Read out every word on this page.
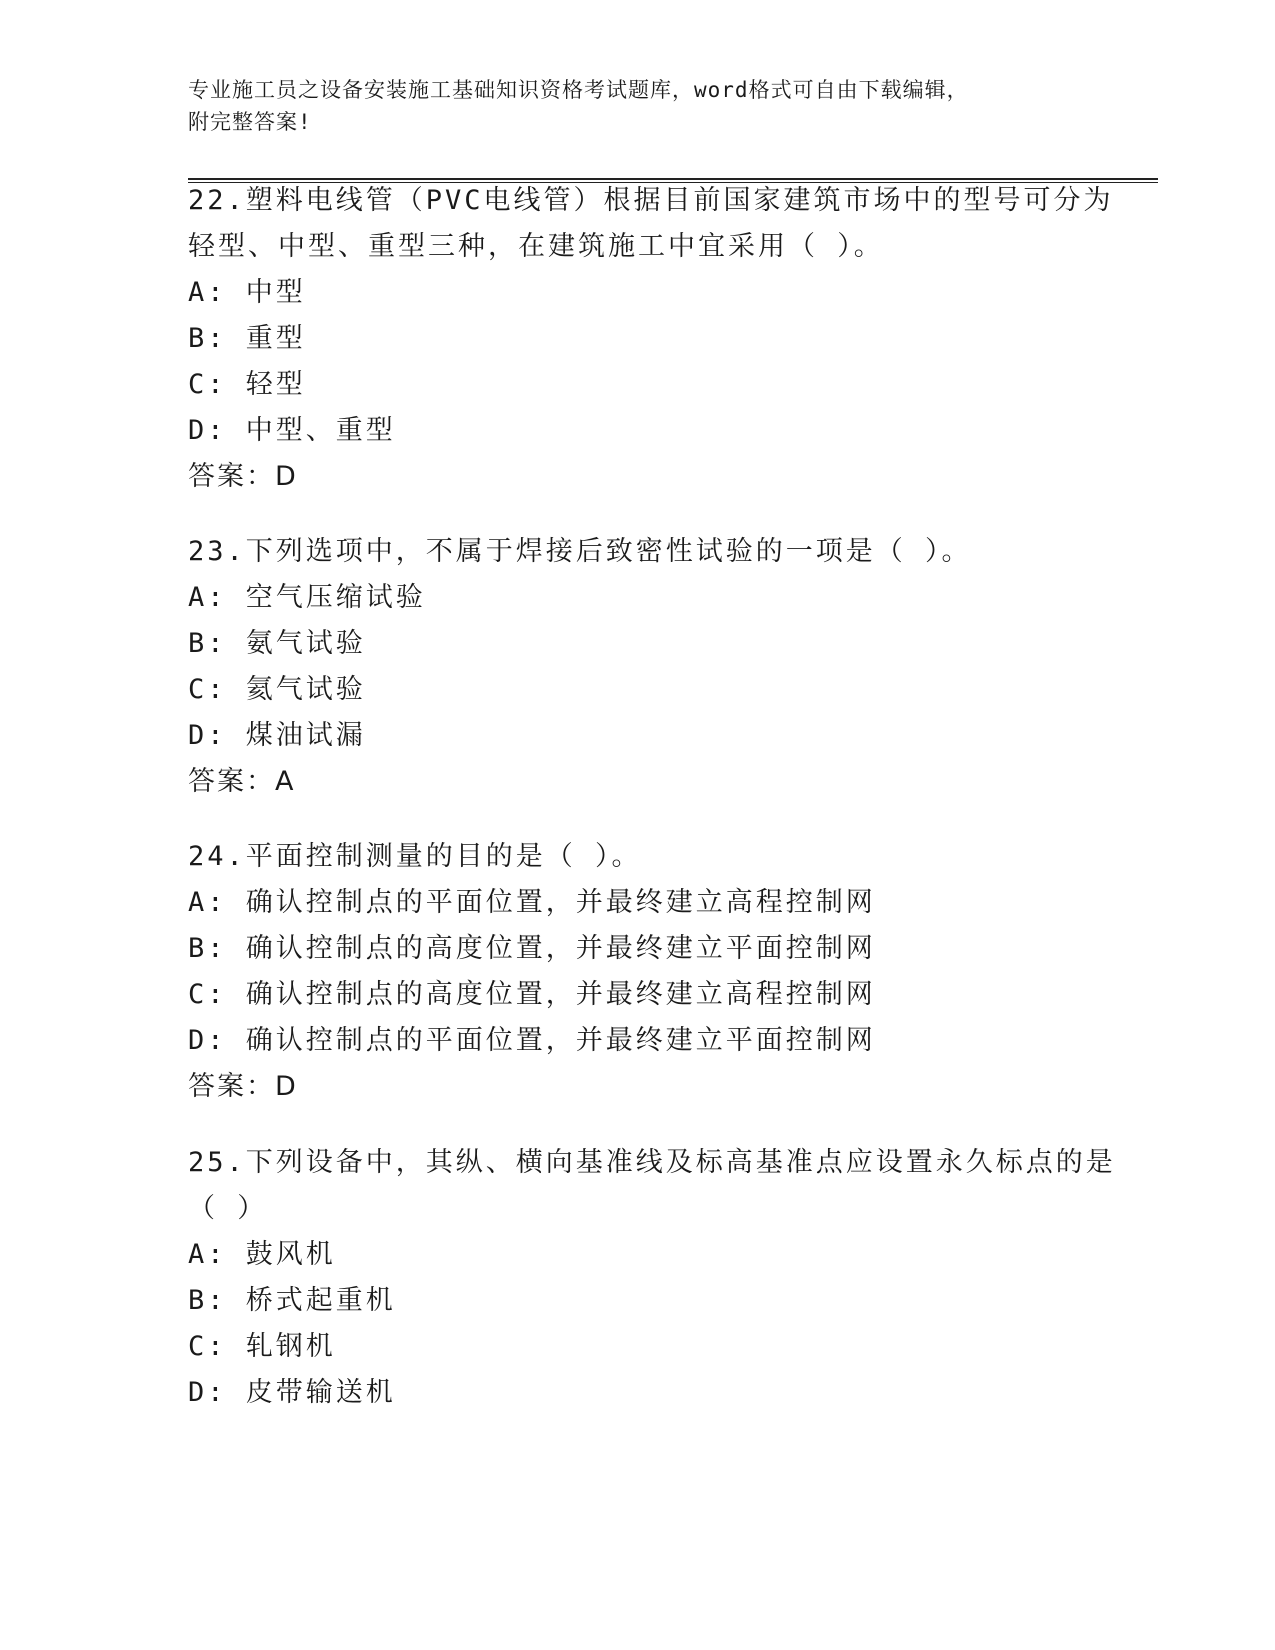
专业施工员之设备安装施工基础知识资格考试题库，word格式可自由下载编辑，
附完整答案!
22.塑料电线管（PVC电线管）根据目前国家建筑市场中的型号可分为
轻型、中型、重型三种，在建筑施工中宜采用（ ）。
A: 中型
B: 重型
C: 轻型
D: 中型、重型
答案：D
23.下列选项中，不属于焊接后致密性试验的一项是（ ）。
A: 空气压缩试验
B: 氨气试验
C: 氦气试验
D: 煤油试漏
答案：A
24.平面控制测量的目的是（ ）。
A: 确认控制点的平面位置，并最终建立高程控制网
B: 确认控制点的高度位置，并最终建立平面控制网
C: 确认控制点的高度位置，并最终建立高程控制网
D: 确认控制点的平面位置，并最终建立平面控制网
答案：D
25.下列设备中，其纵、横向基准线及标高基准点应设置永久标点的是
（ ）
A: 鼓风机
B: 桥式起重机
C: 轧钢机
D: 皮带输送机
